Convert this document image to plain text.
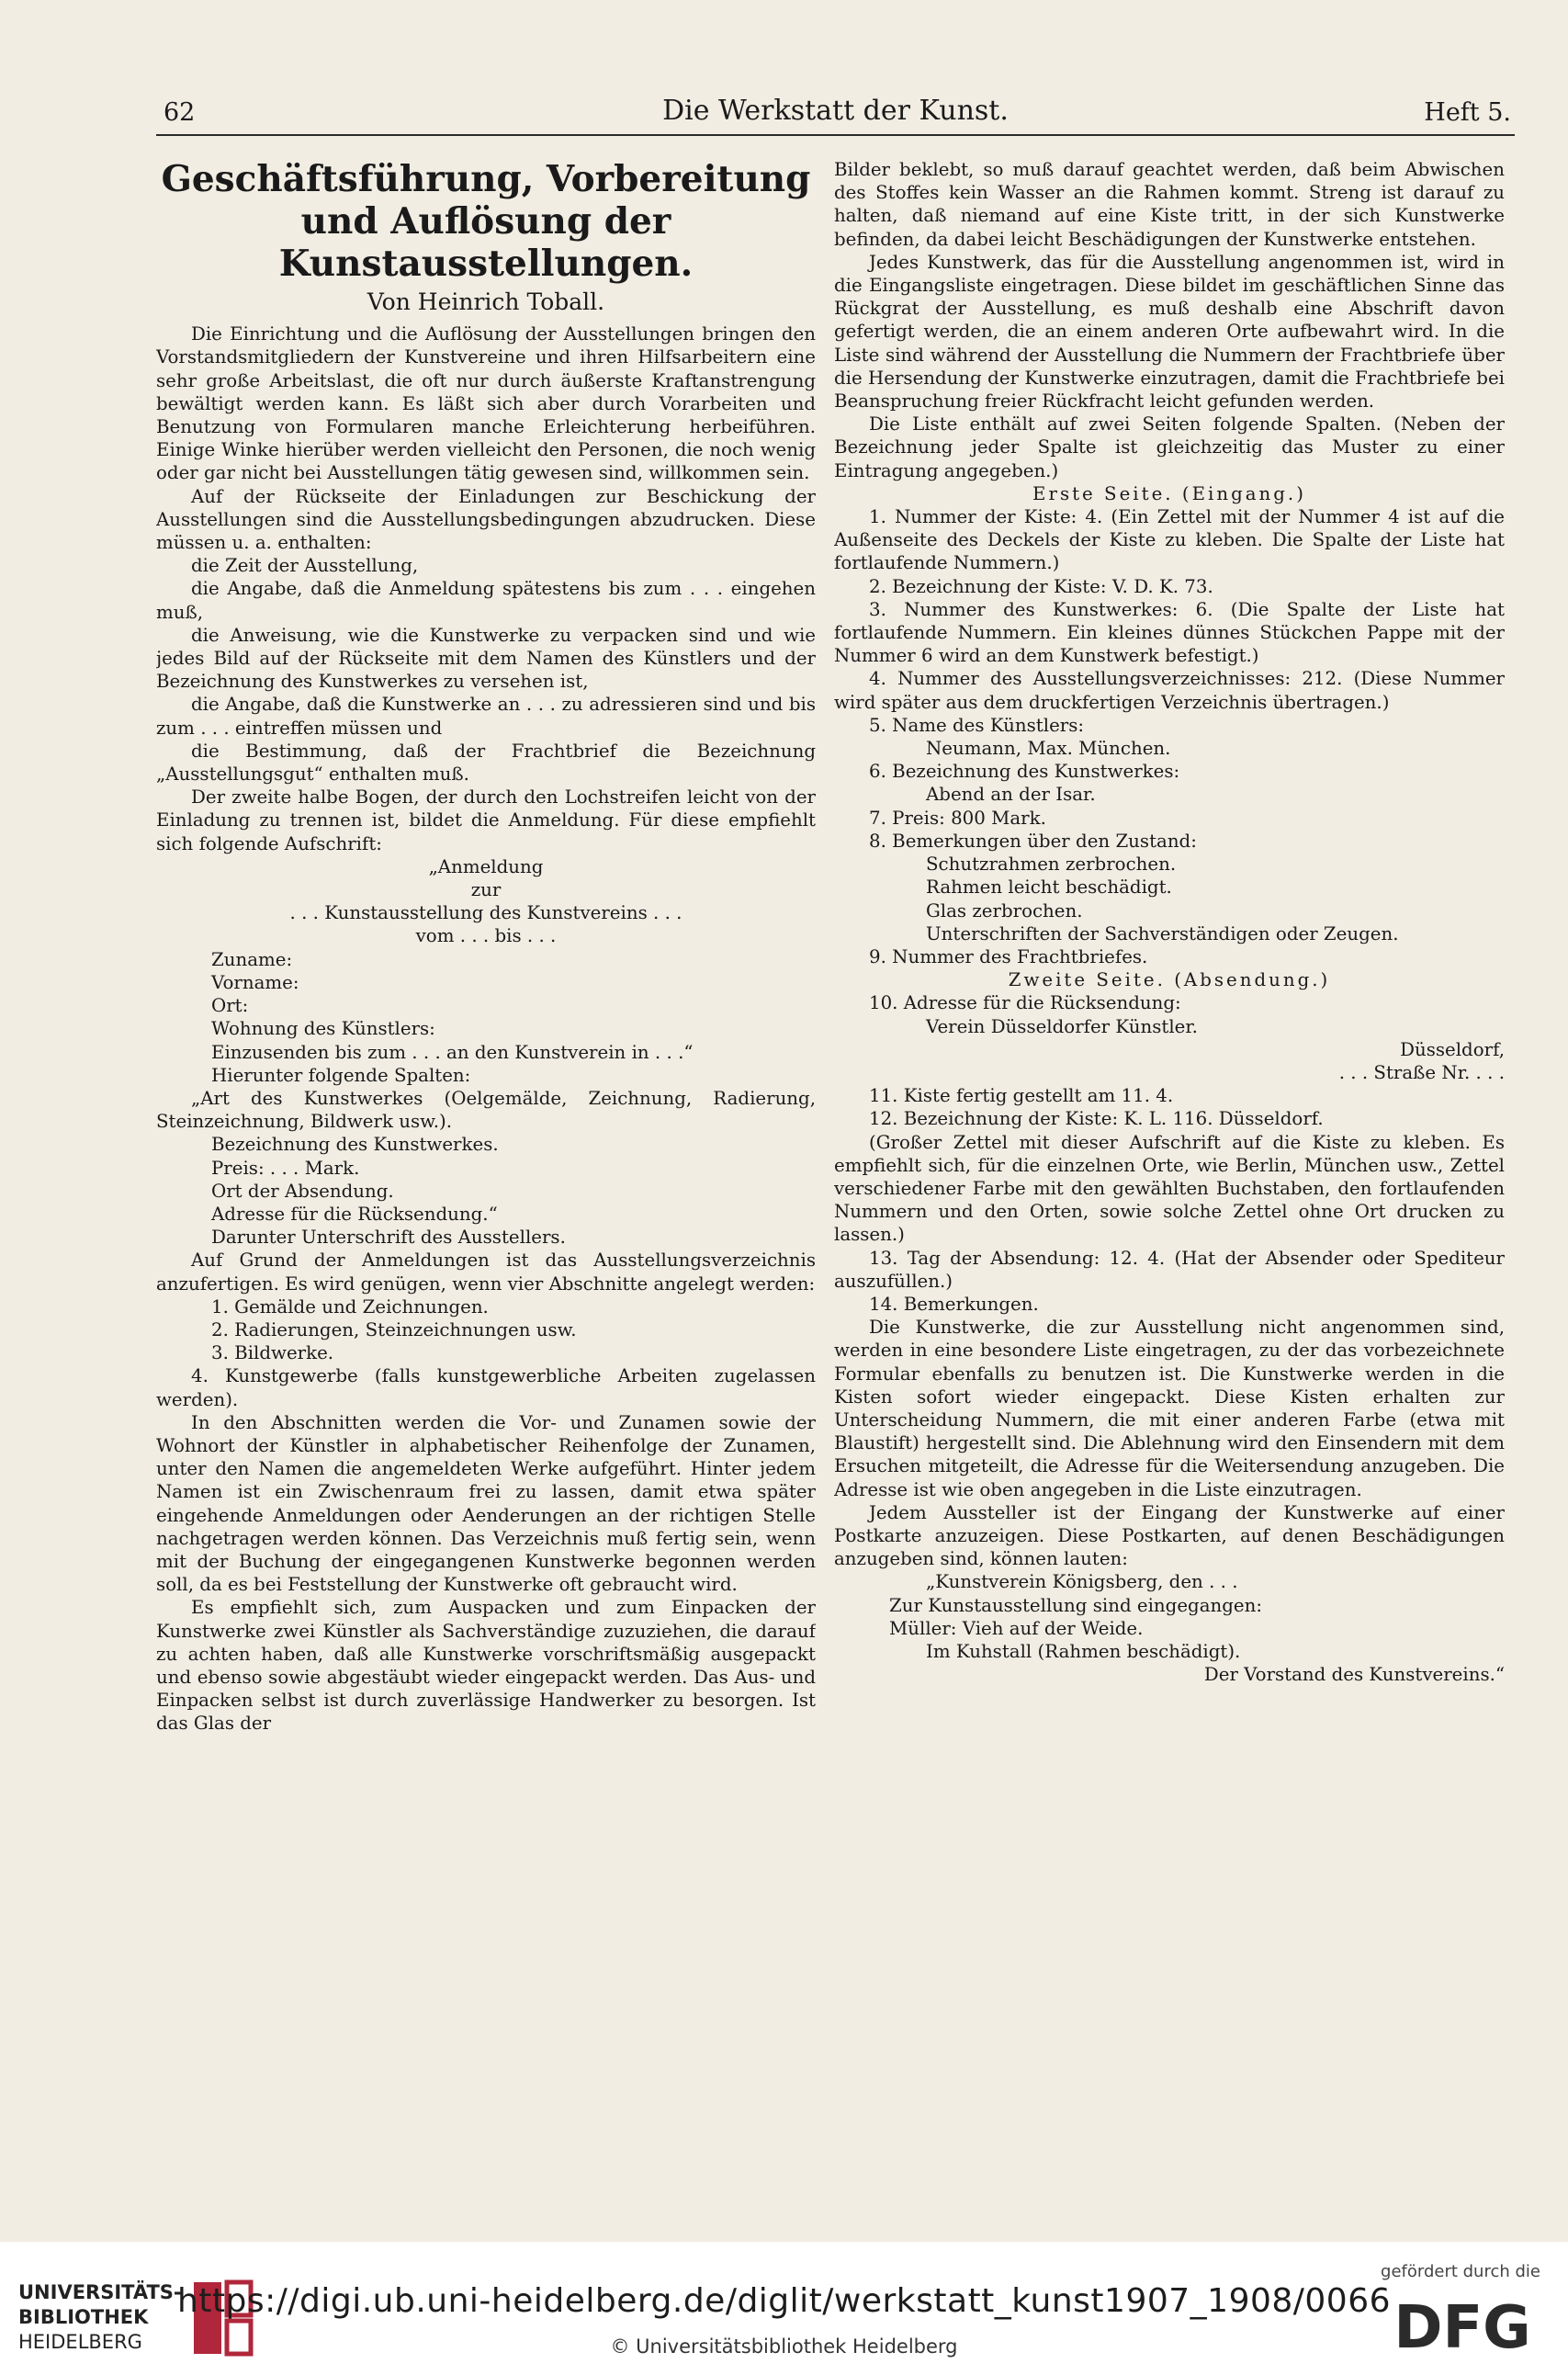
62	Die Werkstatt der Kunst.	Heft 5.
Geschäftsführung, Vorbereitung
und Auflösung der Kunstausstellungen.
Von Heinrich Toball.

Die Einrichtung und die Auflösung der Ausstellungen bringen den Vorstandsmitgliedern der Kunstvereine und ihren Hilfsarbeitern eine sehr große Arbeitslast, die oft nur durch äußerste Kraftanstrengung bewältigt werden kann. Es läßt sich aber durch Vorarbeiten und Benutzung von Formularen manche Erleichterung herbeiführen. Einige Winke hierüber werden vielleicht den Personen, die noch wenig oder gar nicht bei Ausstellungen tätig gewesen sind, willkommen sein.

Auf der Rückseite der Einladungen zur Beschickung der Ausstellungen sind die Ausstellungsbedingungen abzudrucken. Diese müssen u. a. enthalten:

die Zeit der Ausstellung,

die Angabe, daß die Anmeldung spätestens bis zum . . . eingehen muß,

die Anweisung, wie die Kunstwerke zu verpacken sind und wie jedes Bild auf der Rückseite mit dem Namen des Künstlers und der Bezeichnung des Kunstwerkes zu versehen ist,

die Angabe, daß die Kunstwerke an . . . zu adressieren sind und bis zum . . . eintreffen müssen und

die Bestimmung, daß der Frachtbrief die Bezeichnung „Ausstellungsgut“ enthalten muß.

Der zweite halbe Bogen, der durch den Lochstreifen leicht von der Einladung zu trennen ist, bildet die Anmeldung. Für diese empfiehlt sich folgende Aufschrift:

„Anmeldung

zur

. . . Kunstausstellung des Kunstvereins . . .

vom . . . bis . . .

Zuname:

Vorname:

Ort:

Wohnung des Künstlers:

Einzusenden bis zum . . . an den Kunstverein in . . .“

Hierunter folgende Spalten:

„Art des Kunstwerkes (Oelgemälde, Zeichnung, Radierung, Steinzeichnung, Bildwerk usw.).

Bezeichnung des Kunstwerkes.

Preis: . . . Mark.

Ort der Absendung.

Adresse für die Rücksendung.“

Darunter Unterschrift des Ausstellers.

Auf Grund der Anmeldungen ist das Ausstellungsverzeichnis anzufertigen. Es wird genügen, wenn vier Abschnitte angelegt werden:

1. Gemälde und Zeichnungen.

2. Radierungen, Steinzeichnungen usw.

3. Bildwerke.

4. Kunstgewerbe (falls kunstgewerbliche Arbeiten zugelassen werden).

In den Abschnitten werden die Vor- und Zunamen sowie der Wohnort der Künstler in alphabetischer Reihenfolge der Zunamen, unter den Namen die angemeldeten Werke aufgeführt. Hinter jedem Namen ist ein Zwischenraum frei zu lassen, damit etwa später eingehende Anmeldungen oder Aenderungen an der richtigen Stelle nachgetragen werden können. Das Verzeichnis muß fertig sein, wenn mit der Buchung der eingegangenen Kunstwerke begonnen werden soll, da es bei Feststellung der Kunstwerke oft gebraucht wird.

Es empfiehlt sich, zum Auspacken und zum Einpacken der Kunstwerke zwei Künstler als Sachverständige zuzuziehen, die darauf zu achten haben, daß alle Kunstwerke vorschriftsmäßig ausgepackt und ebenso sowie abgestäubt wieder eingepackt werden. Das Aus- und Einpacken selbst ist durch zuverlässige Handwerker zu besorgen. Ist das Glas der

Bilder beklebt, so muß darauf geachtet werden, daß beim Abwischen des Stoffes kein Wasser an die Rahmen kommt. Streng ist darauf zu halten, daß niemand auf eine Kiste tritt, in der sich Kunstwerke befinden, da dabei leicht Beschädigungen der Kunstwerke entstehen.

Jedes Kunstwerk, das für die Ausstellung angenommen ist, wird in die Eingangsliste eingetragen. Diese bildet im geschäftlichen Sinne das Rückgrat der Ausstellung, es muß deshalb eine Abschrift davon gefertigt werden, die an einem anderen Orte aufbewahrt wird. In die Liste sind während der Ausstellung die Nummern der Frachtbriefe über die Hersendung der Kunstwerke einzutragen, damit die Frachtbriefe bei Beanspruchung freier Rückfracht leicht gefunden werden.

Die Liste enthält auf zwei Seiten folgende Spalten. (Neben der Bezeichnung jeder Spalte ist gleichzeitig das Muster zu einer Eintragung angegeben.)

Erste Seite. (Eingang.)

1. Nummer der Kiste: 4. (Ein Zettel mit der Nummer 4 ist auf die Außenseite des Deckels der Kiste zu kleben. Die Spalte der Liste hat fortlaufende Nummern.)

2. Bezeichnung der Kiste: V. D. K. 73.

3. Nummer des Kunstwerkes: 6. (Die Spalte der Liste hat fortlaufende Nummern. Ein kleines dünnes Stückchen Pappe mit der Nummer 6 wird an dem Kunstwerk befestigt.)

4. Nummer des Ausstellungsverzeichnisses: 212. (Diese Nummer wird später aus dem druckfertigen Verzeichnis übertragen.)

5. Name des Künstlers:

Neumann, Max. München.

6. Bezeichnung des Kunstwerkes:

Abend an der Isar.

7. Preis: 800 Mark.

8. Bemerkungen über den Zustand:

Schutzrahmen zerbrochen.

Rahmen leicht beschädigt.

Glas zerbrochen.

Unterschriften der Sachverständigen oder Zeugen.

9. Nummer des Frachtbriefes.

Zweite Seite. (Absendung.)

10. Adresse für die Rücksendung:

Verein Düsseldorfer Künstler.

Düsseldorf,

. . . Straße Nr. . . .

11. Kiste fertig gestellt am 11. 4.

12. Bezeichnung der Kiste: K. L. 116. Düsseldorf.

(Großer Zettel mit dieser Aufschrift auf die Kiste zu kleben. Es empfiehlt sich, für die einzelnen Orte, wie Berlin, München usw., Zettel verschiedener Farbe mit den gewählten Buchstaben, den fortlaufenden Nummern und den Orten, sowie solche Zettel ohne Ort drucken zu lassen.)

13. Tag der Absendung: 12. 4. (Hat der Absender oder Spediteur auszufüllen.)

14. Bemerkungen.

Die Kunstwerke, die zur Ausstellung nicht angenommen sind, werden in eine besondere Liste eingetragen, zu der das vorbezeichnete Formular ebenfalls zu benutzen ist. Die Kunstwerke werden in die Kisten sofort wieder eingepackt. Diese Kisten erhalten zur Unterscheidung Nummern, die mit einer anderen Farbe (etwa mit Blaustift) hergestellt sind. Die Ablehnung wird den Einsendern mit dem Ersuchen mitgeteilt, die Adresse für die Weitersendung anzugeben. Die Adresse ist wie oben angegeben in die Liste einzutragen.

Jedem Aussteller ist der Eingang der Kunstwerke auf einer Postkarte anzuzeigen. Diese Postkarten, auf denen Beschädigungen anzugeben sind, können lauten:

„Kunstverein Königsberg, den . . .

Zur Kunstausstellung sind eingegangen:

Müller: Vieh auf der Weide.

Im Kuhstall (Rahmen beschädigt).

Der Vorstand des Kunstvereins.“

UNIVERSITÄTS-
BIBLIOTHEK
HEIDELBERG
https://digi.ub.uni-heidelberg.de/diglit/werkstatt_kunst1907_1908/0066
© Universitätsbibliothek Heidelberg
gefördert durch die
DFG
